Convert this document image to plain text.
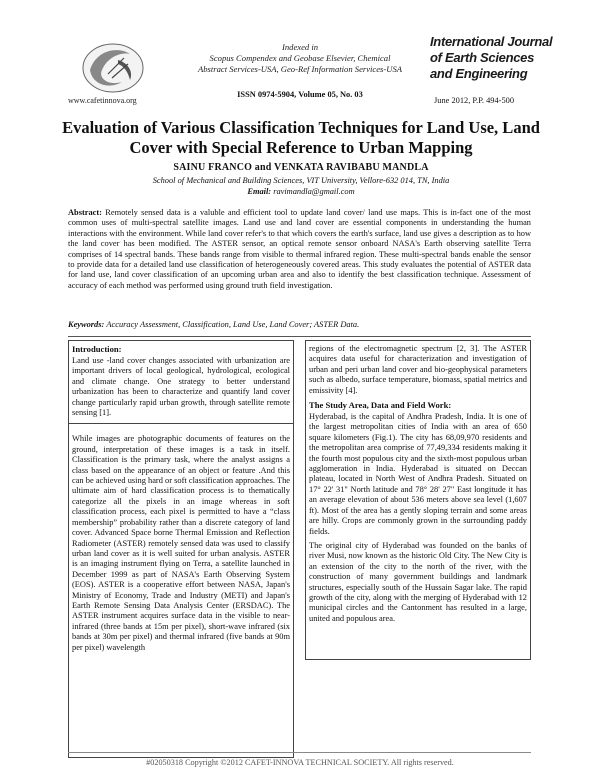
www.cafetinnova.org
Indexed in
Scopus Compendex and Geobase Elsevier, Chemical
Abstract Services-USA, Geo-Ref Information Services-USA
ISSN 0974-5904, Volume 05, No. 03
International Journal
of Earth Sciences
and Engineering
June 2012, P.P. 494-500
Evaluation of Various Classification Techniques for Land Use, Land Cover with Special Reference to Urban Mapping
SAINU FRANCO and VENKATA RAVIBABU MANDLA
School of Mechanical and Building Sciences, VIT University, Vellore-632 014, TN, India
Email: ravimandla@gmail.com

Abstract: Remotely sensed data is a valuble and efficient tool to update land cover/ land use maps. This is in-fact one of the most common uses of multi-spectral satellite images. Land use and land cover are essential components in understanding the human interactions with the environment. While land cover refer's to that which covers the earth's surface, land use gives a description as to how the land cover has been modified. The ASTER sensor, an optical remote sensor onboard NASA's Earth observing satellite Terra comprises of 14 spectral bands. These bands range from visible to thermal infrared region. These multi-spectral bands enable the sensor to provide data for a detailed land use classification of heterogeneously covered areas. This study evaluates the potential of ASTER data for land use, land cover classification of an upcoming urban area and also to identify the best classification technique. Assessment of accuracy of each method was performed using ground truth field investigation.

Keywords: Accuracy Assessment, Classification, Land Use, Land Cover; ASTER Data.

Introduction:

Land use -land cover changes associated with urbanization are important drivers of local geological, hydrological, ecological and climate change. One strategy to better understand urbanization has been to characterize and quantify land cover change particularly rapid urban growth, through satellite remote sensing [1].

While images are photographic documents of features on the ground, interpretation of these images is a task in itself. Classification is the primary task, where the analyst assigns a class based on the appearance of an object or feature .And this can be achieved using hard or soft classification approaches. The ultimate aim of hard classification process is to thematically categorize all the pixels in an image whereas in soft classification process, each pixel is permitted to have a “class membership” probability rather than a discrete category of land cover. Advanced Space borne Thermal Emission and Reflection Radiometer (ASTER) remotely sensed data was used to classify urban land cover as it is well suited for urban analysis. ASTER is an imaging instrument flying on Terra, a satellite launched in December 1999 as part of NASA's Earth Observing System (EOS). ASTER is a cooperative effort between NASA, Japan's Ministry of Economy, Trade and Industry (METI) and Japan's Earth Remote Sensing Data Analysis Center (ERSDAC). The ASTER instrument acquires surface data in the visible to near-infrared (three bands at 15m per pixel), short-wave infrared (six bands at 30m per pixel) and thermal infrared (five bands at 90m per pixel) wavelength

regions of the electromagnetic spectrum [2, 3]. The ASTER acquires data useful for characterization and investigation of urban and peri urban land cover and bio-geophysical parameters such as albedo, surface temperature, biomass, spatial metrics and emissivity [4].

The Study Area, Data and Field Work:

Hyderabad, is the capital of Andhra Pradesh, India. It is one of the largest metropolitan cities of India with an area of 650 square kilometers (Fig.1). The city has 68,09,970 residents and the metropolitan area comprise of 77,49,334 residents making it the fourth most populous city and the sixth-most populous urban agglomeration in India. Hyderabad is situated on Deccan plateau, located in North West of Andhra Pradesh. Situated on 17° 22' 31" North latitude and 78° 28' 27" East longitude it has an average elevation of about 536 meters above sea level (1,607 ft). Most of the area has a gently sloping terrain and some areas are hilly. Crops are commonly grown in the surrounding paddy fields.

The original city of Hyderabad was founded on the banks of river Musi, now known as the historic Old City. The New City is an extension of the city to the north of the river, with the construction of many government buildings and landmark structures, especially south of the Hussain Sagar lake. The rapid growth of the city, along with the merging of Hyderabad with 12 municipal circles and the Cantonment has resulted in a large, united and populous area.

#02050318 Copyright ©2012 CAFET-INNOVA TECHNICAL SOCIETY. All rights reserved.
